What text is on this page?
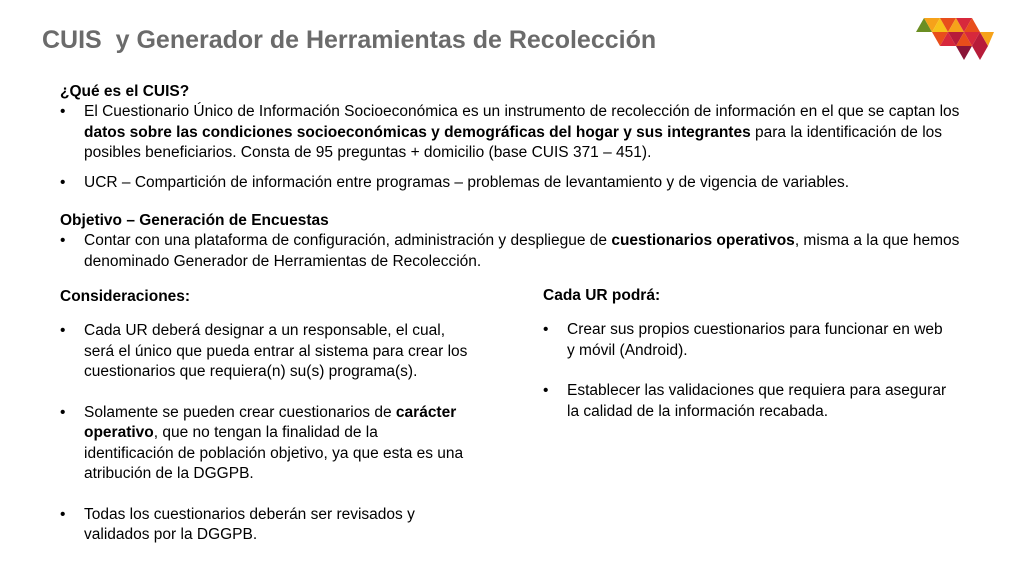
CUIS  y Generador de Herramientas de Recolección

¿Qué es el CUIS?

• El Cuestionario Único de Información Socioeconómica es un instrumento de recolección de información en el que se captan los datos sobre las condiciones socioeconómicas y demográficas del hogar y sus integrantes para la identificación de los posibles beneficiarios. Consta de 95 preguntas + domicilio (base CUIS 371 – 451).

• UCR – Compartición de información entre programas – problemas de levantamiento y de vigencia de variables.

Objetivo – Generación de Encuestas

• Contar con una plataforma de configuración, administración y despliegue de cuestionarios operativos, misma a la que hemos denominado Generador de Herramientas de Recolección.

Consideraciones:

• Cada UR deberá designar a un responsable, el cual, será el único que pueda entrar al sistema para crear los cuestionarios que requiera(n) su(s) programa(s).

• Solamente se pueden crear cuestionarios de carácter operativo, que no tengan la finalidad de la identificación de población objetivo, ya que esta es una atribución de la DGGPB.

• Todas los cuestionarios deberán ser revisados y validados por la DGGPB.

Cada UR podrá:

• Crear sus propios cuestionarios para funcionar en web y móvil (Android).

• Establecer las validaciones que requiera para asegurar la calidad de la información recabada.
